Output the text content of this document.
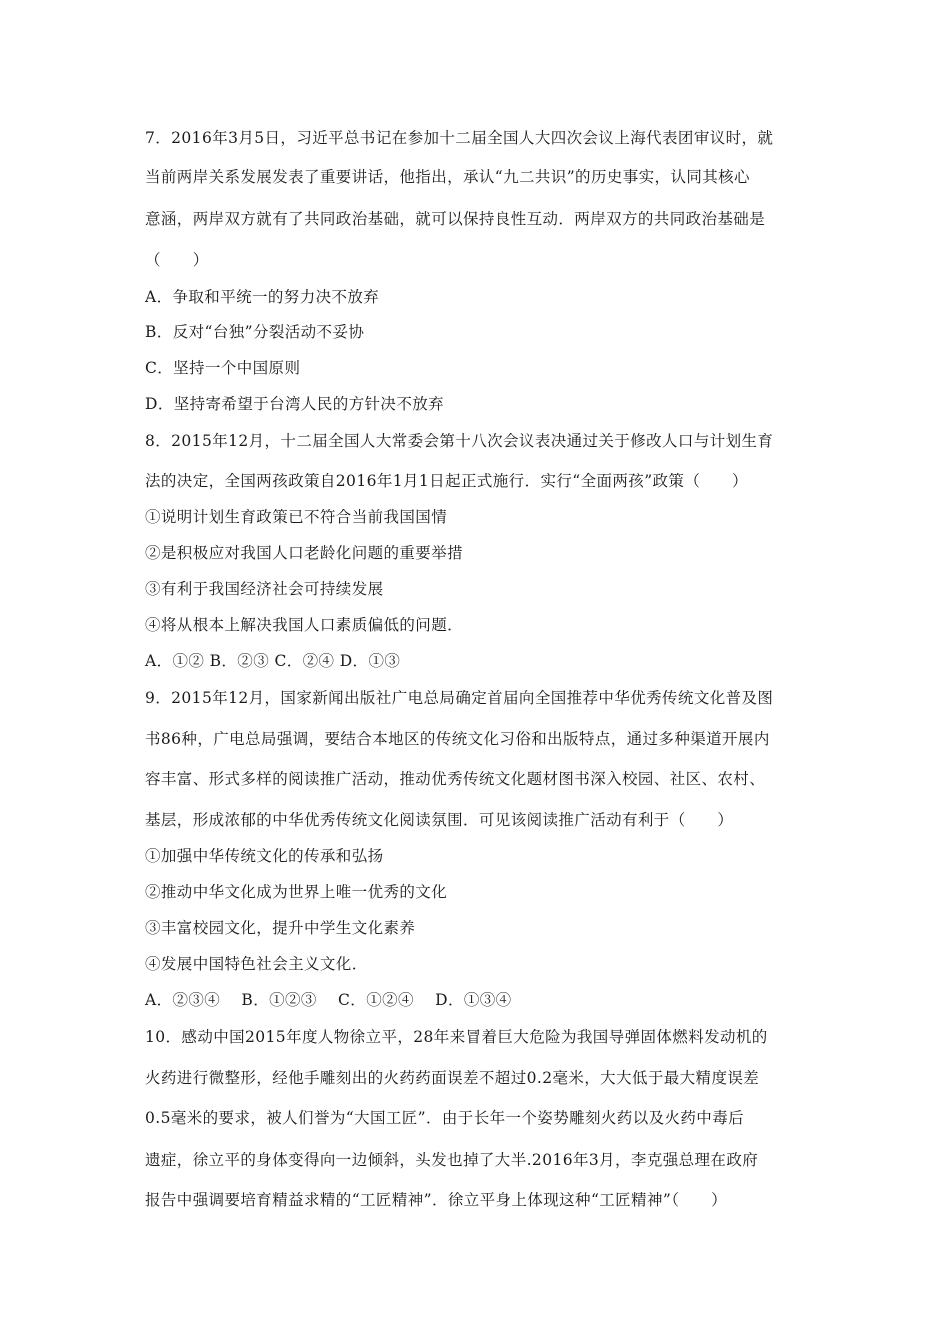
7．2016年3月5日，习近平总书记在参加十二届全国人大四次会议上海代表团审议时，就
当前两岸关系发展发表了重要讲话，他指出，承认“九二共识”的历史事实，认同其核心
意涵，两岸双方就有了共同政治基础，就可以保持良性互动．两岸双方的共同政治基础是
（　　）
A．争取和平统一的努力决不放弃
B．反对“台独”分裂活动不妥协
C．坚持一个中国原则
D．坚持寄希望于台湾人民的方针决不放弃
8．2015年12月，十二届全国人大常委会第十八次会议表决通过关于修改人口与计划生育
法的决定，全国两孩政策自2016年1月1日起正式施行．实行“全面两孩”政策（　　）
①说明计划生育政策已不符合当前我国国情
②是积极应对我国人口老龄化问题的重要举措
③有利于我国经济社会可持续发展
④将从根本上解决我国人口素质偏低的问题．
A．①② B．②③ C．②④ D．①③
9．2015年12月，国家新闻出版社广电总局确定首届向全国推荐中华优秀传统文化普及图
书86种，广电总局强调，要结合本地区的传统文化习俗和出版特点，通过多种渠道开展内
容丰富、形式多样的阅读推广活动，推动优秀传统文化题材图书深入校园、社区、农村、
基层，形成浓郁的中华优秀传统文化阅读氛围．可见该阅读推广活动有利于（　　）
①加强中华传统文化的传承和弘扬
②推动中华文化成为世界上唯一优秀的文化
③丰富校园文化，提升中学生文化素养
④发展中国特色社会主义文化．
A．②③④　 B．①②③　 C．①②④　 D．①③④
10．感动中国2015年度人物徐立平，28年来冒着巨大危险为我国导弹固体燃料发动机的
火药进行微整形，经他手雕刻出的火药药面误差不超过0.2毫米，大大低于最大精度误差
0.5毫米的要求，被人们誉为“大国工匠”．由于长年一个姿势雕刻火药以及火药中毒后
遗症，徐立平的身体变得向一边倾斜，头发也掉了大半.2016年3月，李克强总理在政府
报告中强调要培育精益求精的“工匠精神”．徐立平身上体现这种“工匠精神”（　　）
